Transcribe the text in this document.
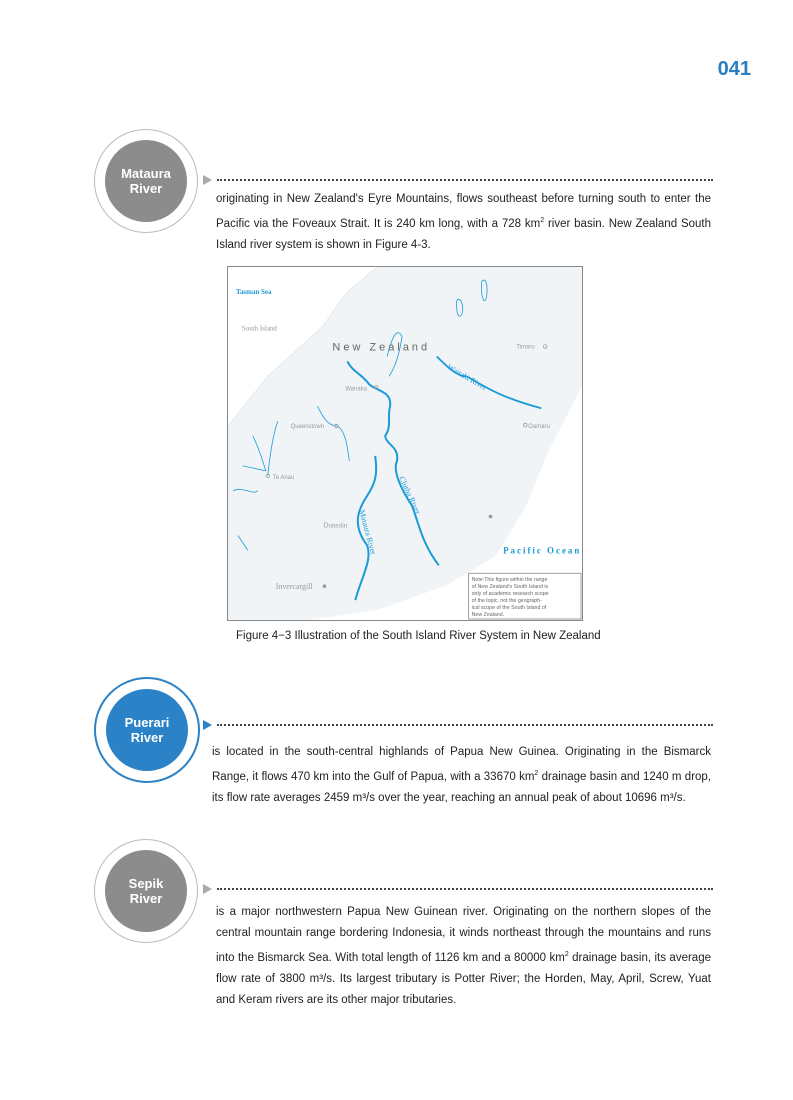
041
Mataura
River
originating in New Zealand's Eyre Mountains, flows southeast before turning south to enter the Pacific via the Foveaux Strait. It is 240 km long, with a 728 $km^2$ river basin. New Zealand South Island river system is shown in Figure 4-3.
Tasman Sea
South Island
Pacific Ocean
Dunedin
Invercargill
N e w   Z e a l a n d	Timaru
Wanaka
Oamaru
Queenstown
Te Anau
Waitaki River
Clutha River
Mataura River
Note:This figure within the range
of New Zealand's South Island is
only of academic research scope
of the topic, not the geograph-
ical scope of the South Island of
New Zealand.
Figure 4−3 Illustration of the South Island River System in New Zealand
Puerari
River
is located in the south-central highlands of Papua New Guinea. Originating in the Bismarck Range, it flows 470 km into the Gulf of Papua, with a 33670 $km^2$ drainage basin and 1240 m drop, its flow rate averages 2459 m³/s over the year, reaching an annual peak of about 10696 m³/s.
Sepik
River
is a major northwestern Papua New Guinean river. Originating on the northern slopes of the central mountain range bordering Indonesia, it winds northeast through the mountains and runs into the Bismarck Sea. With total length of 1126 km and a 80000 $km^2$ drainage basin, its average flow rate of 3800 m³/s. Its largest tributary is Potter River; the Horden, May, April, Screw, Yuat and Keram rivers are its other major tributaries.
